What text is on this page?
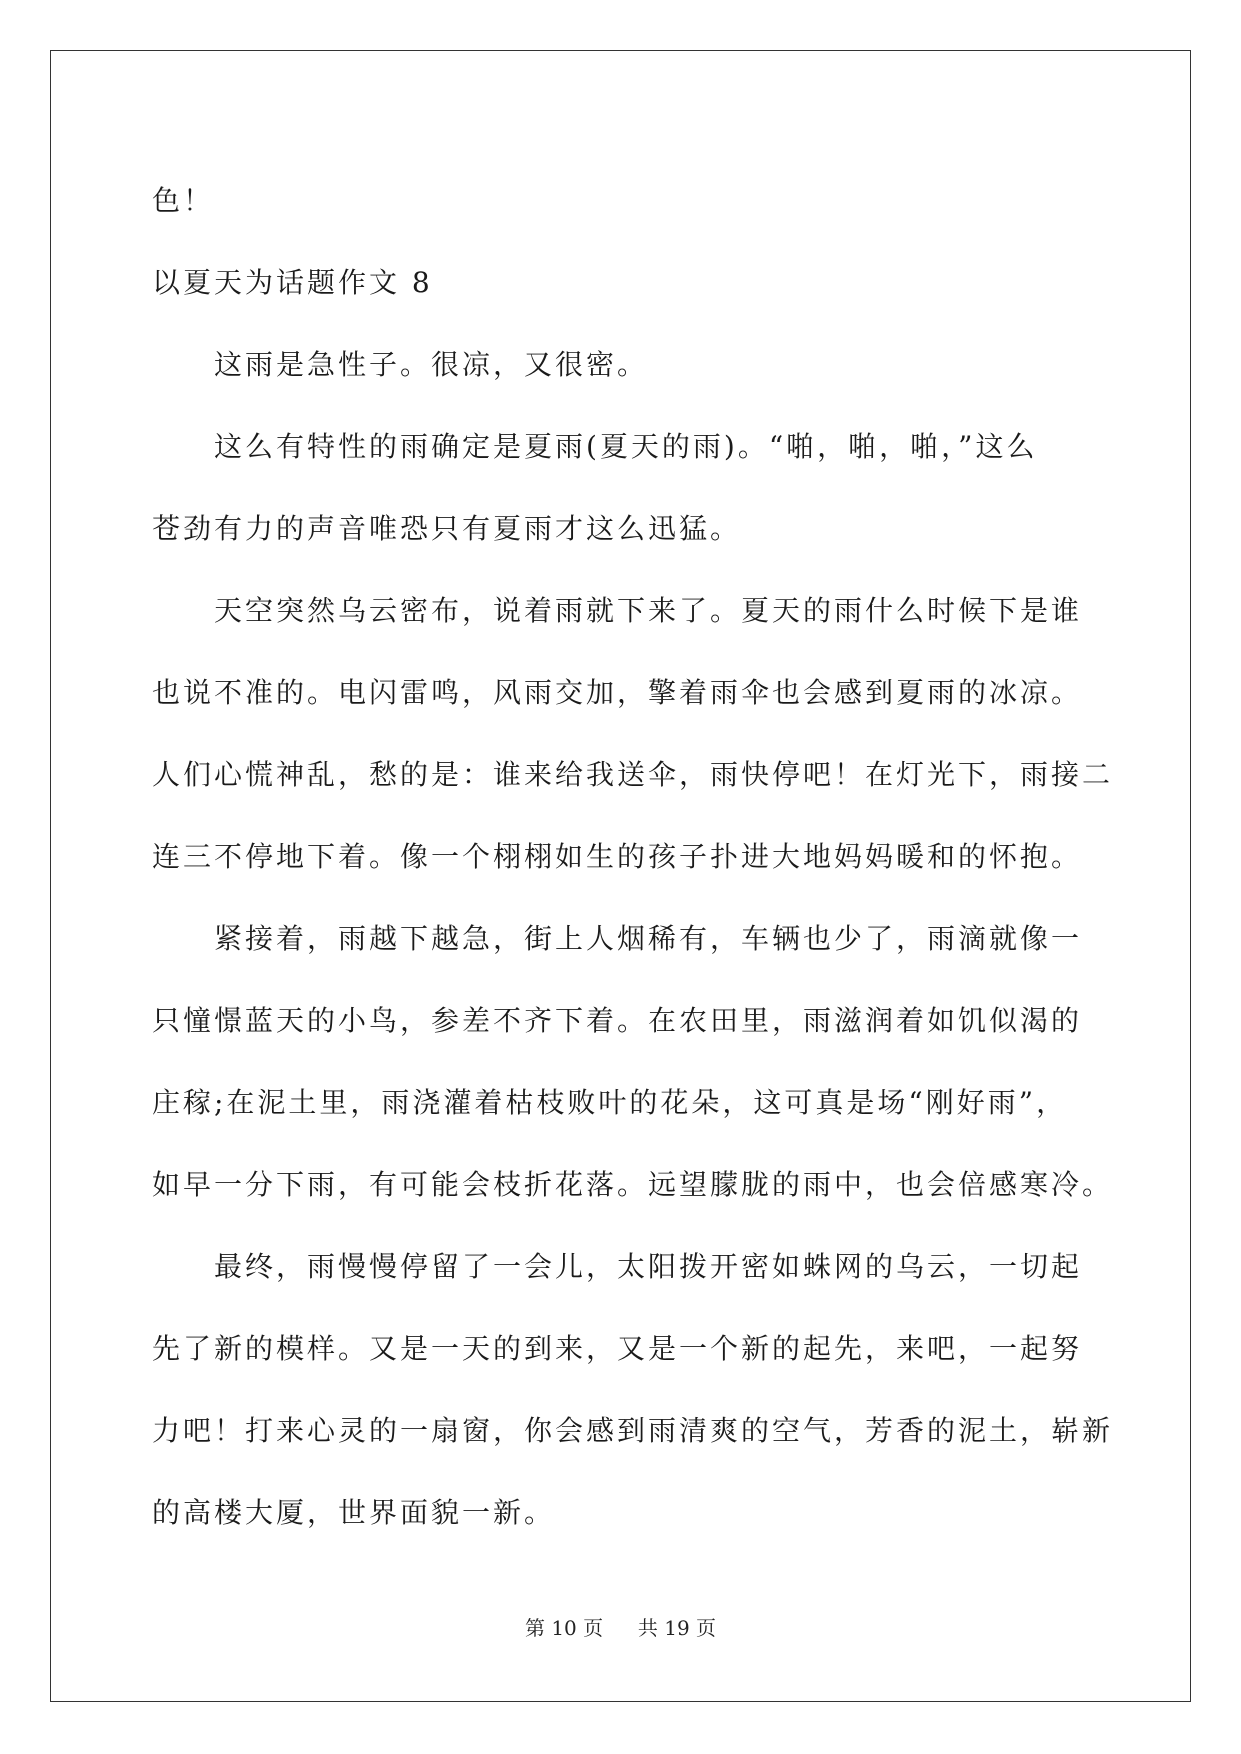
色！
以夏天为话题作文 8
这雨是急性子。很凉，又很密。
这么有特性的雨确定是夏雨(夏天的雨)。“啪，啪，啪，”这么
苍劲有力的声音唯恐只有夏雨才这么迅猛。
天空突然乌云密布，说着雨就下来了。夏天的雨什么时候下是谁
也说不准的。电闪雷鸣，风雨交加，擎着雨伞也会感到夏雨的冰凉。
人们心慌神乱，愁的是：谁来给我送伞，雨快停吧！在灯光下，雨接二
连三不停地下着。像一个栩栩如生的孩子扑进大地妈妈暖和的怀抱。
紧接着，雨越下越急，街上人烟稀有，车辆也少了，雨滴就像一
只憧憬蓝天的小鸟，参差不齐下着。在农田里，雨滋润着如饥似渴的
庄稼;在泥土里，雨浇灌着枯枝败叶的花朵，这可真是场“刚好雨”，
如早一分下雨，有可能会枝折花落。远望朦胧的雨中，也会倍感寒冷。
最终，雨慢慢停留了一会儿，太阳拨开密如蛛网的乌云，一切起
先了新的模样。又是一天的到来，又是一个新的起先，来吧，一起努
力吧！打来心灵的一扇窗，你会感到雨清爽的空气，芳香的泥土，崭新
的高楼大厦，世界面貌一新。
第 10 页 共 19 页
